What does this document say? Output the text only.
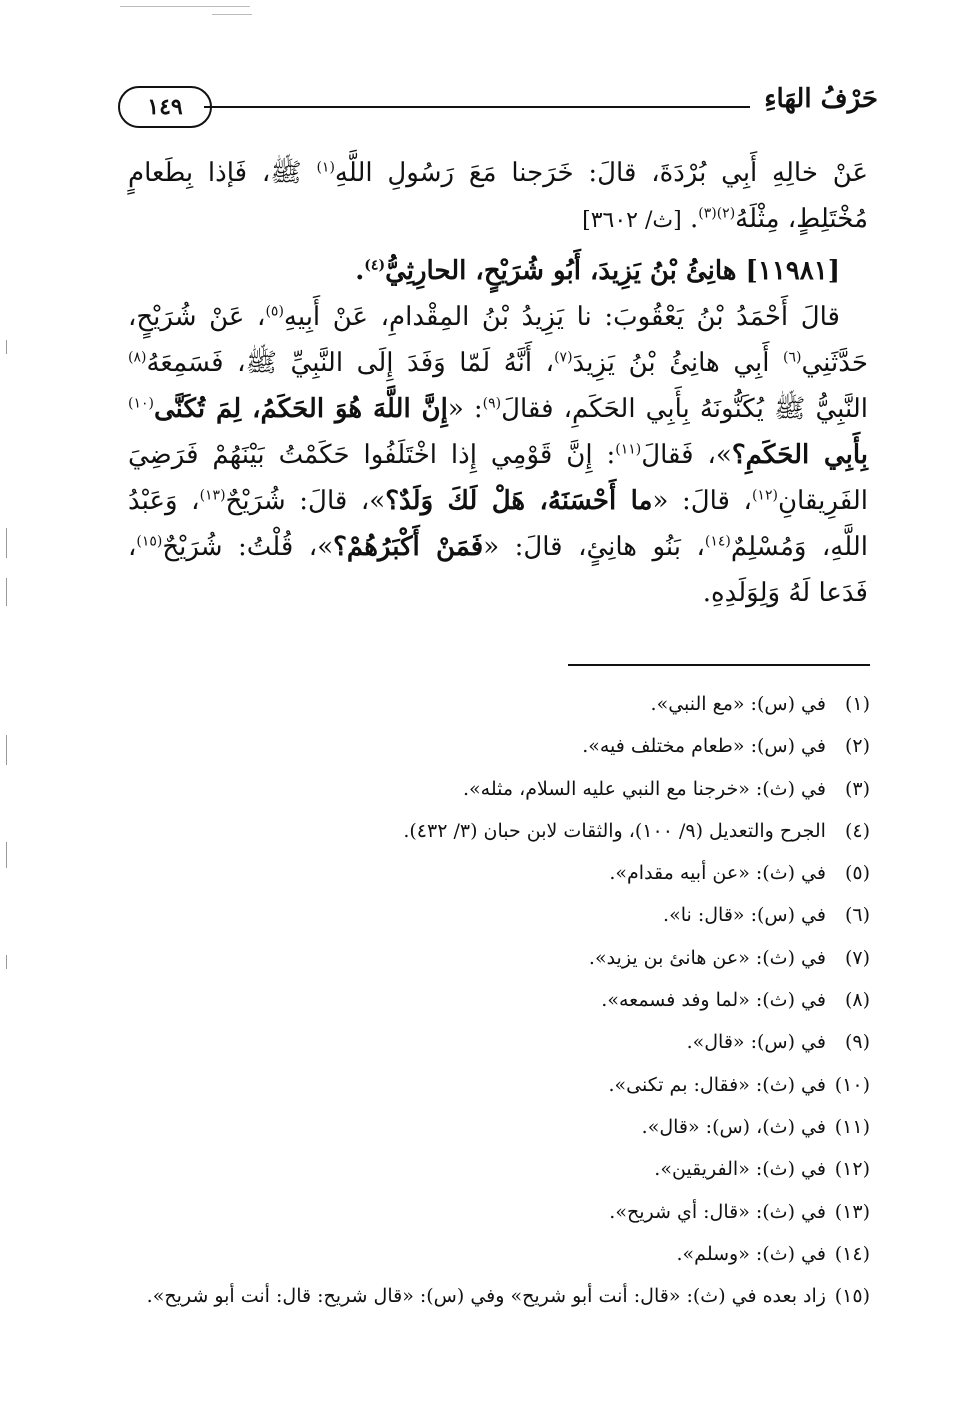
١٤٩	حَرْفُ الهَاءِ

عَنْ خالِهِ أَبِي بُرْدَةَ، قالَ: خَرَجنا مَعَ رَسُولِ اللَّهِ$^{(١)}$ ﷺ، فَإذا بِطَعامٍ مُخْتَلِطٍ، مِثْلَهُ$^{(٢)(٣)}$. [ث/ ٣٦٠٢]

[١١٩٨١] هانِئُ بْنُ يَزِيدَ، أَبُو شُرَيْحٍ، الحارِثِيُّ$^{(٤)}$.

قالَ أَحْمَدُ بْنُ يَعْقُوبَ: نا يَزِيدُ بْنُ المِقْدامِ، عَنْ أَبِيهِ$^{(٥)}$، عَنْ شُرَيْحٍ، حَدَّثَنِي$^{(٦)}$ أَبِي هانِئُ بْنُ يَزِيدَ$^{(٧)}$، أَنَّهُ لَمّا وَفَدَ إِلَى النَّبِيِّ ﷺ، فَسَمِعَهُ$^{(٨)}$ النَّبِيُّ ﷺ يُكَنُّونَهُ بِأَبِي الحَكَمِ، فقالَ$^{(٩)}$: «إِنَّ اللَّهَ هُوَ الحَكَمُ، لِمَ تُكَنَّى$^{(١٠)}$ بِأَبِي الحَكَمِ؟»، فَقالَ$^{(١١)}$: إِنَّ قَوْمِي إِذا اخْتَلَفُوا حَكَمْتُ بَيْنَهُمْ فَرَضِيَ الفَرِيقانِ$^{(١٢)}$، قالَ: «ما أَحْسَنَهُ، هَلْ لَكَ وَلَدٌ؟»، قالَ: شُرَيْحٌ$^{(١٣)}$، وَعَبْدُ اللَّهِ، وَمُسْلِمٌ$^{(١٤)}$، بَنُو هانِئٍ، قالَ: «فَمَنْ أَكْبَرُهُمْ؟»، قُلْتُ: شُرَيْحٌ$^{(١٥)}$، فَدَعا لَهُ وَلِوَلَدِهِ.

(١) في (س): «مع النبي».
(٢) في (س): «طعام مختلف فيه».
(٣) في (ث): «خرجنا مع النبي عليه السلام، مثله».
(٤) الجرح والتعديل (٩/ ١٠٠)، والثقات لابن حبان (٣/ ٤٣٢).
(٥) في (ث): «عن أبيه مقدام».
(٦) في (س): «قال: نا».
(٧) في (ث): «عن هانئ بن يزيد».
(٨) في (ث): «لما وفد فسمعه».
(٩) في (س): «قال».
(١٠) في (ث): «فقال: بم تكنى».
(١١) في (ث)، (س): «قال».
(١٢) في (ث): «الفريقين».
(١٣) في (ث): «قال: أي شريح».
(١٤) في (ث): «وسلم».
(١٥) زاد بعده في (ث): «قال: أنت أبو شريح» وفي (س): «قال شريح: قال: أنت أبو شريح».
